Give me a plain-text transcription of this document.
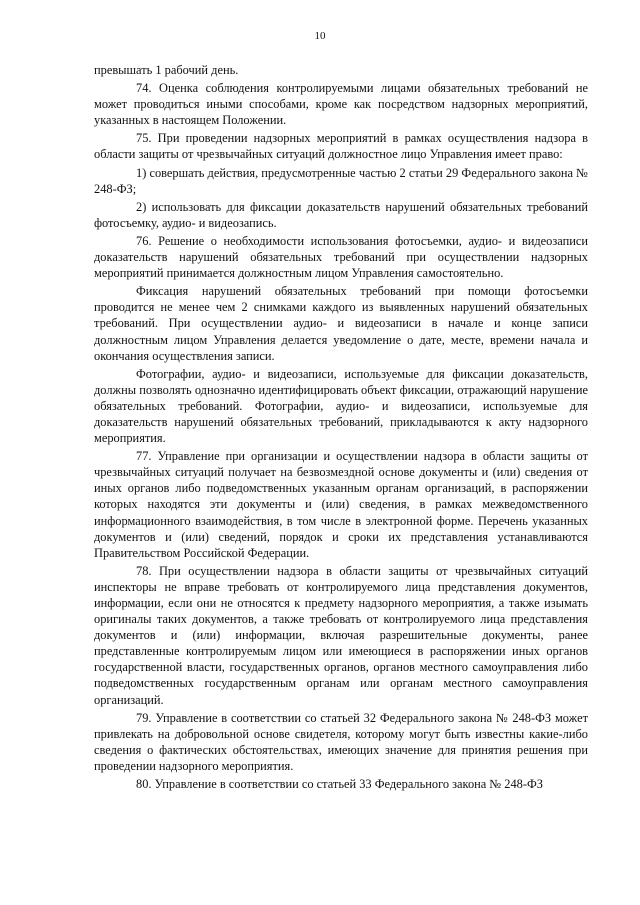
10

превышать 1 рабочий день.

74. Оценка соблюдения контролируемыми лицами обязательных требований не может проводиться иными способами, кроме как посредством надзорных мероприятий, указанных в настоящем Положении.

75. При проведении надзорных мероприятий в рамках осуществления надзора в области защиты от чрезвычайных ситуаций должностное лицо Управления имеет право:

1) совершать действия, предусмотренные частью 2 статьи 29 Федерального закона № 248-ФЗ;

2) использовать для фиксации доказательств нарушений обязательных требований фотосъемку, аудио- и видеозапись.

76. Решение о необходимости использования фотосъемки, аудио- и видеозаписи доказательств нарушений обязательных требований при осуществлении надзорных мероприятий принимается должностным лицом Управления самостоятельно.

Фиксация нарушений обязательных требований при помощи фотосъемки проводится не менее чем 2 снимками каждого из выявленных нарушений обязательных требований. При осуществлении аудио- и видеозаписи в начале и конце записи должностным лицом Управления делается уведомление о дате, месте, времени начала и окончания осуществления записи.

Фотографии, аудио- и видеозаписи, используемые для фиксации доказательств, должны позволять однозначно идентифицировать объект фиксации, отражающий нарушение обязательных требований. Фотографии, аудио- и видеозаписи, используемые для доказательств нарушений обязательных требований, прикладываются к акту надзорного мероприятия.

77. Управление при организации и осуществлении надзора в области защиты от чрезвычайных ситуаций получает на безвозмездной основе документы и (или) сведения от иных органов либо подведомственных указанным органам организаций, в распоряжении которых находятся эти документы и (или) сведения, в рамках межведомственного информационного взаимодействия, в том числе в электронной форме. Перечень указанных документов и (или) сведений, порядок и сроки их представления устанавливаются Правительством Российской Федерации.

78. При осуществлении надзора в области защиты от чрезвычайных ситуаций инспекторы не вправе требовать от контролируемого лица представления документов, информации, если они не относятся к предмету надзорного мероприятия, а также изымать оригиналы таких документов, а также требовать от контролируемого лица представления документов и (или) информации, включая разрешительные документы, ранее представленные контролируемым лицом или имеющиеся в распоряжении иных органов государственной власти, государственных органов, органов местного самоуправления либо подведомственных государственным органам или органам местного самоуправления организаций.

79. Управление в соответствии со статьей 32 Федерального закона № 248-ФЗ может привлекать на добровольной основе свидетеля, которому могут быть известны какие-либо сведения о фактических обстоятельствах, имеющих значение для принятия решения при проведении надзорного мероприятия.

80. Управление в соответствии со статьей 33 Федерального закона № 248-ФЗ
